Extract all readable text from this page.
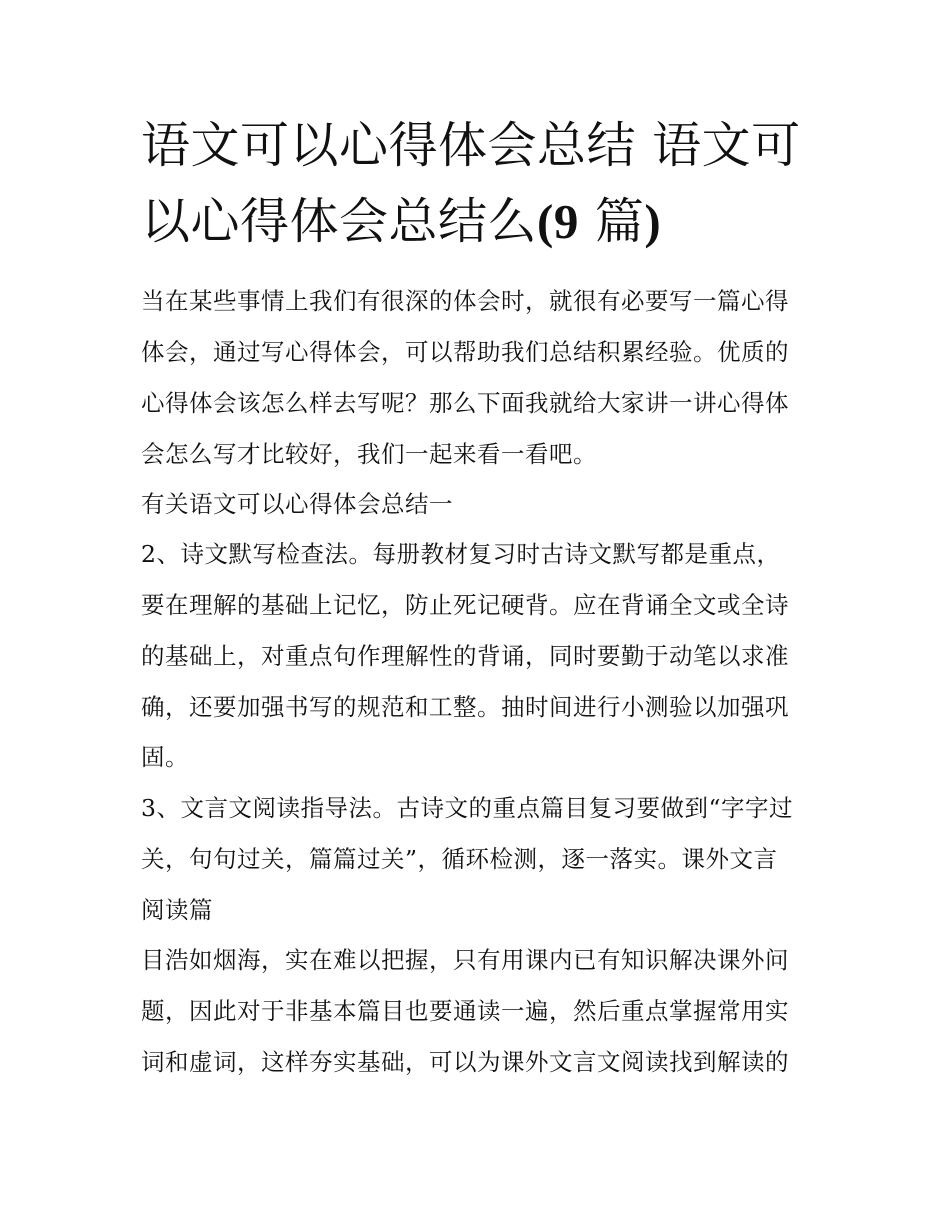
语文可以心得体会总结 语文可
以心得体会总结么(9 篇)
当在某些事情上我们有很深的体会时，就很有必要写一篇心得
体会，通过写心得体会，可以帮助我们总结积累经验。优质的
心得体会该怎么样去写呢？那么下面我就给大家讲一讲心得体
会怎么写才比较好，我们一起来看一看吧。
有关语文可以心得体会总结一
2、诗文默写检查法。每册教材复习时古诗文默写都是重点，
要在理解的基础上记忆，防止死记硬背。应在背诵全文或全诗
的基础上，对重点句作理解性的背诵，同时要勤于动笔以求准
确，还要加强书写的规范和工整。抽时间进行小测验以加强巩
固。
3、文言文阅读指导法。古诗文的重点篇目复习要做到“字字过
关，句句过关，篇篇过关”，循环检测，逐一落实。课外文言
阅读篇
目浩如烟海，实在难以把握，只有用课内已有知识解决课外问
题，因此对于非基本篇目也要通读一遍，然后重点掌握常用实
词和虚词，这样夯实基础，可以为课外文言文阅读找到解读的
